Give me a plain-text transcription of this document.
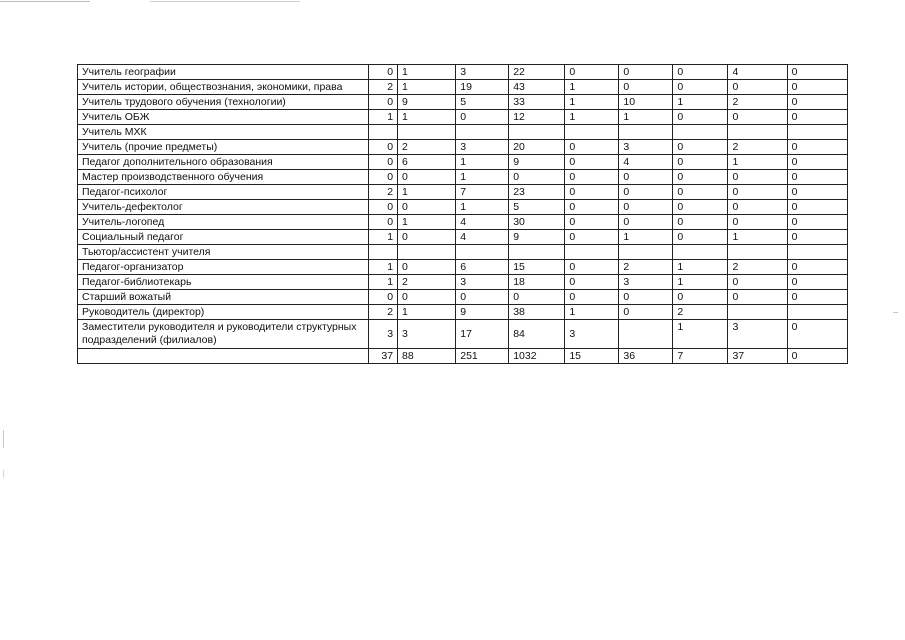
Учитель географии	0	1	3	22	0	0	0	4	0
Учитель истории, обществознания, экономики, права	2	1	19	43	1	0	0	0	0
Учитель трудового обучения (технологии)	0	9	5	33	1	10	1	2	0
Учитель ОБЖ	1	1	0	12	1	1	0	0	0
Учитель МХК									
Учитель (прочие предметы)	0	2	3	20	0	3	0	2	0
Педагог дополнительного образования	0	6	1	9	0	4	0	1	0
Мастер производственного обучения	0	0	1	0	0	0	0	0	0
Педагог-психолог	2	1	7	23	0	0	0	0	0
Учитель-дефектолог	0	0	1	5	0	0	0	0	0
Учитель-логопед	0	1	4	30	0	0	0	0	0
Социальный педагог	1	0	4	9	0	1	0	1	0
Тьютор/ассистент учителя									
Педагог-организатор	1	0	6	15	0	2	1	2	0
Педагог-библиотекарь	1	2	3	18	0	3	1	0	0
Старший вожатый	0	0	0	0	0	0	0	0	0
Руководитель (директор)	2	1	9	38	1	0	2		
Заместители руководителя и руководители структурных подразделений (филиалов)	3	3	17	84	3		1	3	0
	37	88	251	1032	15	36	7	37	0
